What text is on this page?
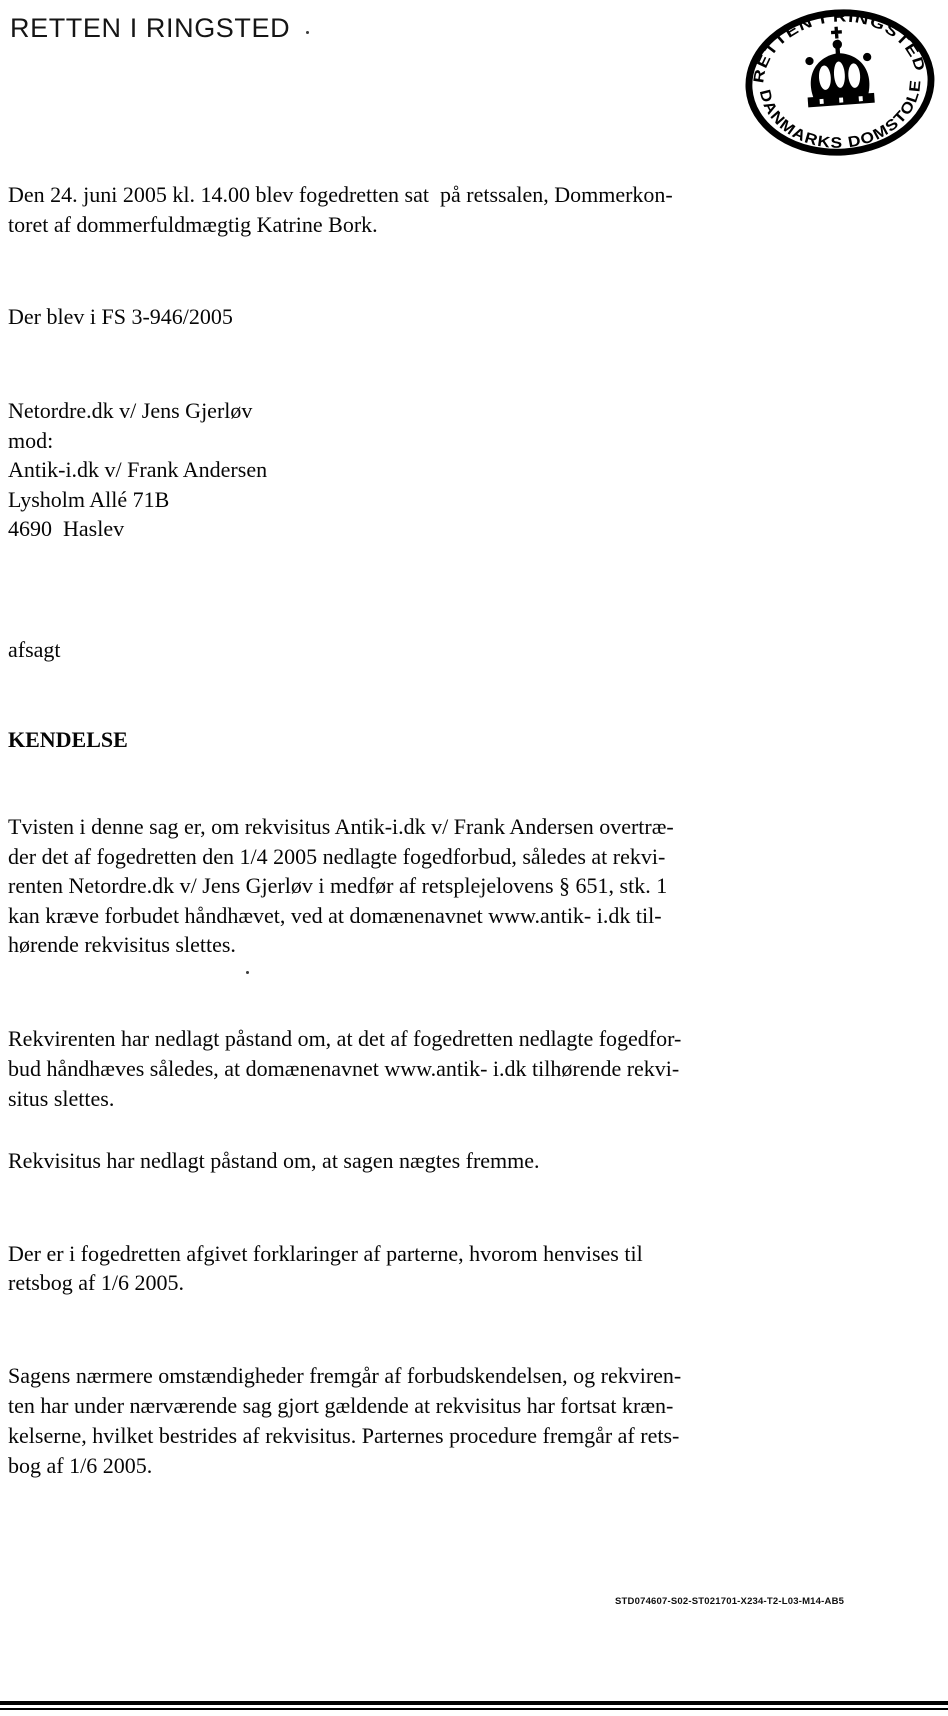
RETTEN I RINGSTED
RETTEN I RINGSTED
DANMARKS DOMSTOLE
Den 24. juni 2005 kl. 14.00 blev fogedretten sat  på retssalen, Dommerkon-
toret af dommerfuldmægtig Katrine Bork.
Der blev i FS 3-946/2005
Netordre.dk v/ Jens Gjerløv
mod:
Antik-i.dk v/ Frank Andersen
Lysholm Allé 71B
4690  Haslev
afsagt
KENDELSE
Tvisten i denne sag er, om rekvisitus Antik-i.dk v/ Frank Andersen overtræ-
der det af fogedretten den 1/4 2005 nedlagte fogedforbud, således at rekvi-
renten Netordre.dk v/ Jens Gjerløv i medfør af retsplejelovens § 651, stk. 1
kan kræve forbudet håndhævet, ved at domænenavnet www.antik- i.dk til-
hørende rekvisitus slettes.
Rekvirenten har nedlagt påstand om, at det af fogedretten nedlagte fogedfor-
bud håndhæves således, at domænenavnet www.antik- i.dk tilhørende rekvi-
situs slettes.
Rekvisitus har nedlagt påstand om, at sagen nægtes fremme.
Der er i fogedretten afgivet forklaringer af parterne, hvorom henvises til
retsbog af 1/6 2005.
Sagens nærmere omstændigheder fremgår af forbudskendelsen, og rekviren-
ten har under nærværende sag gjort gældende at rekvisitus har fortsat kræn-
kelserne, hvilket bestrides af rekvisitus. Parternes procedure fremgår af rets-
bog af 1/6 2005.
STD074607-S02-ST021701-X234-T2-L03-M14-AB5
